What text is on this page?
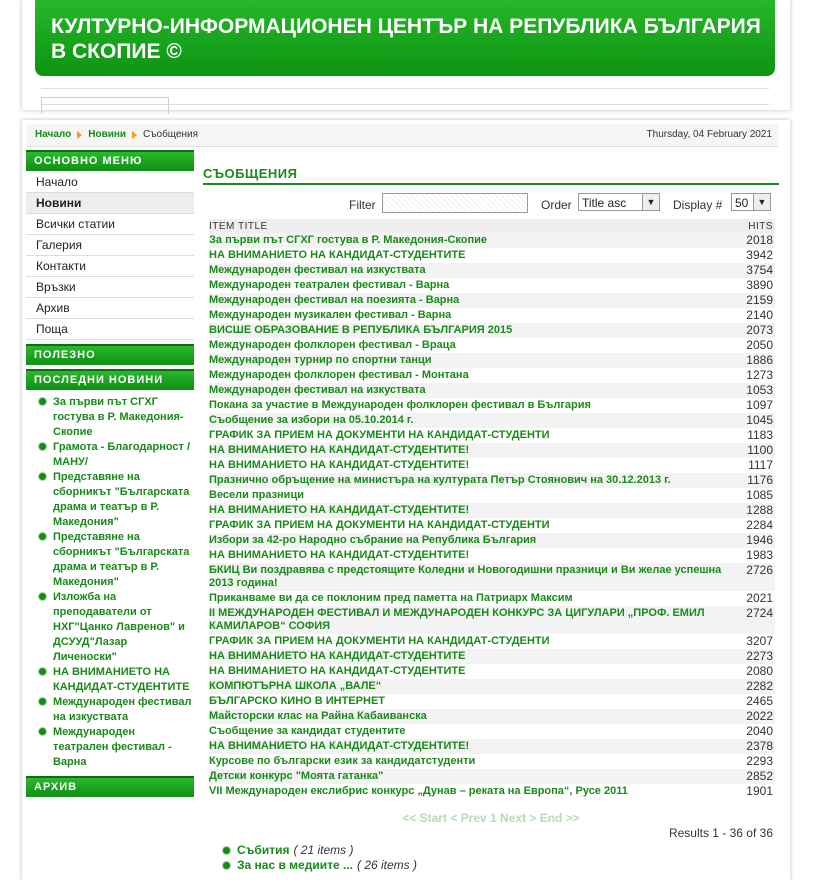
КУЛТУРНО-ИНФОРМАЦИОНЕН ЦЕНТЪР НА РЕПУБЛИКА БЪЛГАРИЯ В СКОПИЕ ©
Начало Новини Съобщения	Thursday, 04 February 2021
ОСНОВНО МЕНЮ
Начало
Новини
Всички статии
Галерия
Контакти
Връзки
Архив
Поща
ПОЛЕЗНО
ПОСЛЕДНИ НОВИНИ
За първи път СГХГ гостува в Р. Македония-Скопие
Грамота - Благодарност /МАНУ/
Представяне на сборникът "Българската драма и театър в Р. Македония"
Представяне на сборникът "Българската драма и театър в Р. Македония"
Изложба на преподаватели от НХГ"Цанко Лавренов" и ДСУУД"Лазар Личеноски"
НА ВНИМАНИЕТО НА КАНДИДАТ-СТУДЕНТИТЕ
Международен фестивал на изкуствата
Международен театрален фестивал - Варна
АРХИВ
СЪОБЩЕНИЯ
Filter	Order Title asc	▼ Display #	50	▼
ITEM TITLE	HITS
За първи път СГХГ гостува в Р. Македония-Скопие	2018
НА ВНИМАНИЕТО НА КАНДИДАТ-СТУДЕНТИТЕ	3942
Международен фестивал на изкуствата	3754
Международен театрален фестивал - Варна	3890
Международен фестивал на поезията - Варна	2159
Международен музикален фестивал - Варна	2140
ВИСШЕ ОБРАЗОВАНИЕ В РЕПУБЛИКА БЪЛГАРИЯ 2015	2073
Международен фолклорен фестивал - Враца	2050
Международен турнир по спортни танци	1886
Международен фолклорен фестивал - Монтана	1273
Международен фестивал на изкуствата	1053
Покана за участие в Международен фолклорен фестивал в България	1097
Съобщение за избори на 05.10.2014 г.	1045
ГРАФИК ЗА ПРИЕМ НА ДОКУМЕНТИ НА КАНДИДАТ-СТУДЕНТИ	1183
НА ВНИМАНИЕТО НА КАНДИДАТ-СТУДЕНТИТЕ!	1100
НА ВНИМАНИЕТО НА КАНДИДАТ-СТУДЕНТИТЕ!	1117
Празнично обръщение на министъра на културата Петър Стоянович на 30.12.2013 г.	1176
Весели празници	1085
НА ВНИМАНИЕТО НА КАНДИДАТ-СТУДЕНТИТЕ!	1288
ГРАФИК ЗА ПРИЕМ НА ДОКУМЕНТИ НА КАНДИДАТ-СТУДЕНТИ	2284
Избори за 42-ро Народно събрание на Република България	1946
НА ВНИМАНИЕТО НА КАНДИДАТ-СТУДЕНТИТЕ!	1983
БКИЦ Ви поздравява с предстоящите Коледни и Новогодишни празници и Ви желае успешна 2013 година!	2726
Приканваме ви да се поклоним пред паметта на Патриарх Максим	2021
II МЕЖДУНАРОДЕН ФЕСТИВАЛ И МЕЖДУНАРОДЕН КОНКУРС ЗА ЦИГУЛАРИ „ПРОФ. ЕМИЛ КАМИЛАРОВ“ СОФИЯ	2724
ГРАФИК ЗА ПРИЕМ НА ДОКУМЕНТИ НА КАНДИДАТ-СТУДЕНТИ	3207
НА ВНИМАНИЕТО НА КАНДИДАТ-СТУДЕНТИТЕ	2273
НА ВНИМАНИЕТО НА КАНДИДАТ-СТУДЕНТИТЕ	2080
КОМПЮТЪРНА ШКОЛА „ВАЛЕ“	2282
БЪЛГАРСКО КИНО В ИНТЕРНЕТ	2465
Майсторски клас на Райна Кабаиванска	2022
Съобщение за кандидат студентите	2040
НА ВНИМАНИЕТО НА КАНДИДАТ-СТУДЕНТИТЕ!	2378
Курсове по български език за кандидатстуденти	2293
Детски конкурс "Моята гатанка"	2852
VII Международен екслибрис конкурс „Дунав – реката на Европа“, Русе 2011	1901
<< Start < Prev 1 Next > End >>
Results 1 - 36 of 36
Събития ( 21 items )
За нас в медиите ... ( 26 items )
